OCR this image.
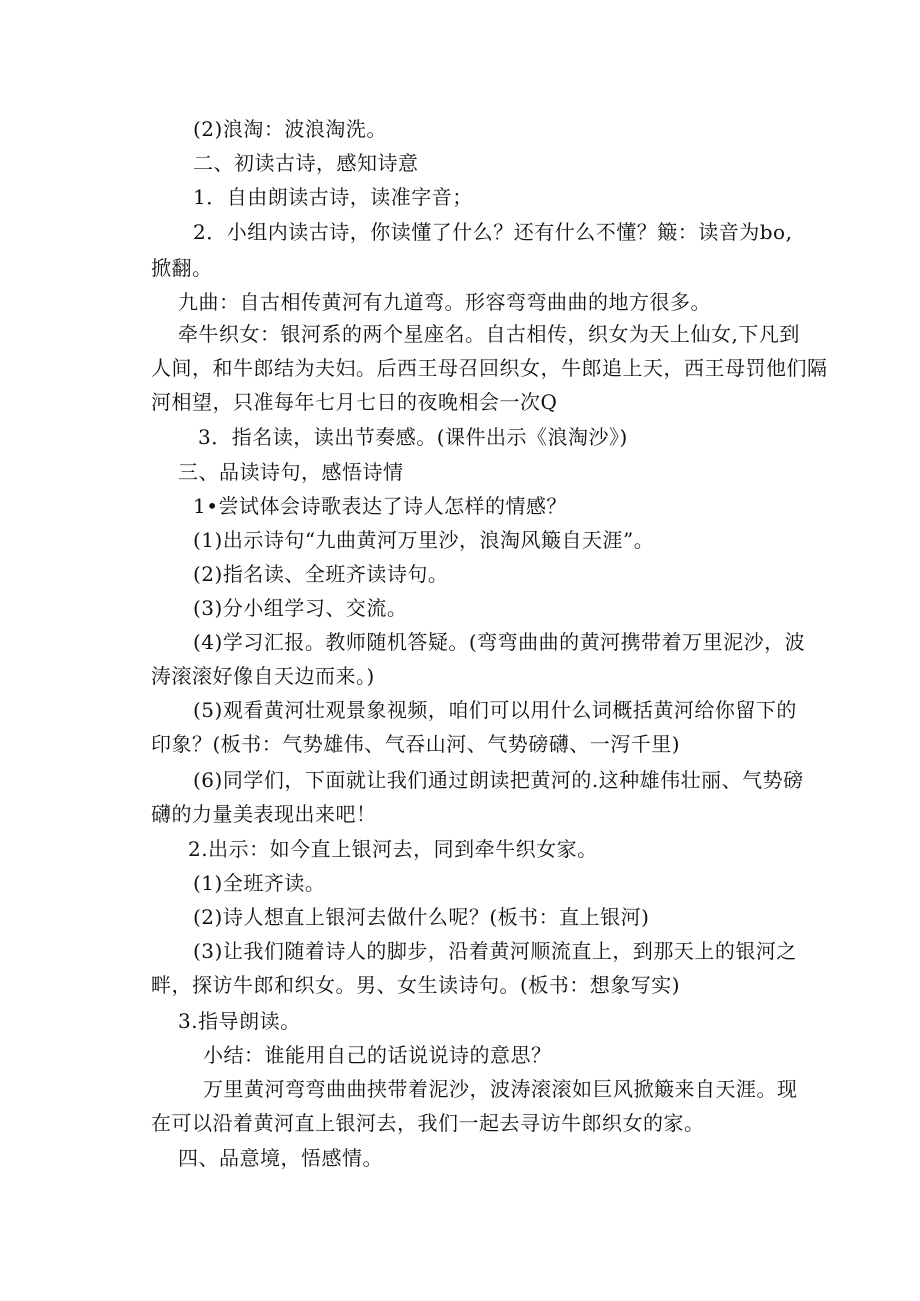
(2)浪淘：波浪淘洗。
二、初读古诗，感知诗意
1．自由朗读古诗，读准字音；
2．小组内读古诗，你读懂了什么？还有什么不懂？簸：读音为bo,
掀翻。
九曲：自古相传黄河有九道弯。形容弯弯曲曲的地方很多。
牵牛织女：银河系的两个星座名。自古相传，织女为天上仙女,下凡到
人间，和牛郎结为夫妇。后西王母召回织女，牛郎追上天，西王母罚他们隔
河相望，只准每年七月七日的夜晚相会一次Q
3．指名读，读出节奏感。(课件出示《浪淘沙》)
三、品读诗句，感悟诗情
1•尝试体会诗歌表达了诗人怎样的情感？
(1)出示诗句“九曲黄河万里沙，浪淘风簸自天涯”。
(2)指名读、全班齐读诗句。
(3)分小组学习、交流。
(4)学习汇报。教师随机答疑。(弯弯曲曲的黄河携带着万里泥沙，波
涛滚滚好像自天边而来。)
(5)观看黄河壮观景象视频，咱们可以用什么词概括黄河给你留下的
印象？(板书：气势雄伟、气吞山河、气势磅礴、一泻千里)
(6)同学们，下面就让我们通过朗读把黄河的.这种雄伟壮丽、气势磅
礴的力量美表现出来吧！
2.出示：如今直上银河去，同到牵牛织女家。
(1)全班齐读。
(2)诗人想直上银河去做什么呢？(板书：直上银河)
(3)让我们随着诗人的脚步，沿着黄河顺流直上，到那天上的银河之
畔，探访牛郎和织女。男、女生读诗句。(板书：想象写实)
3.指导朗读。
小结：谁能用自己的话说说诗的意思？
万里黄河弯弯曲曲挟带着泥沙，波涛滚滚如巨风掀簸来自天涯。现
在可以沿着黄河直上银河去，我们一起去寻访牛郎织女的家。
四、品意境，悟感情。
